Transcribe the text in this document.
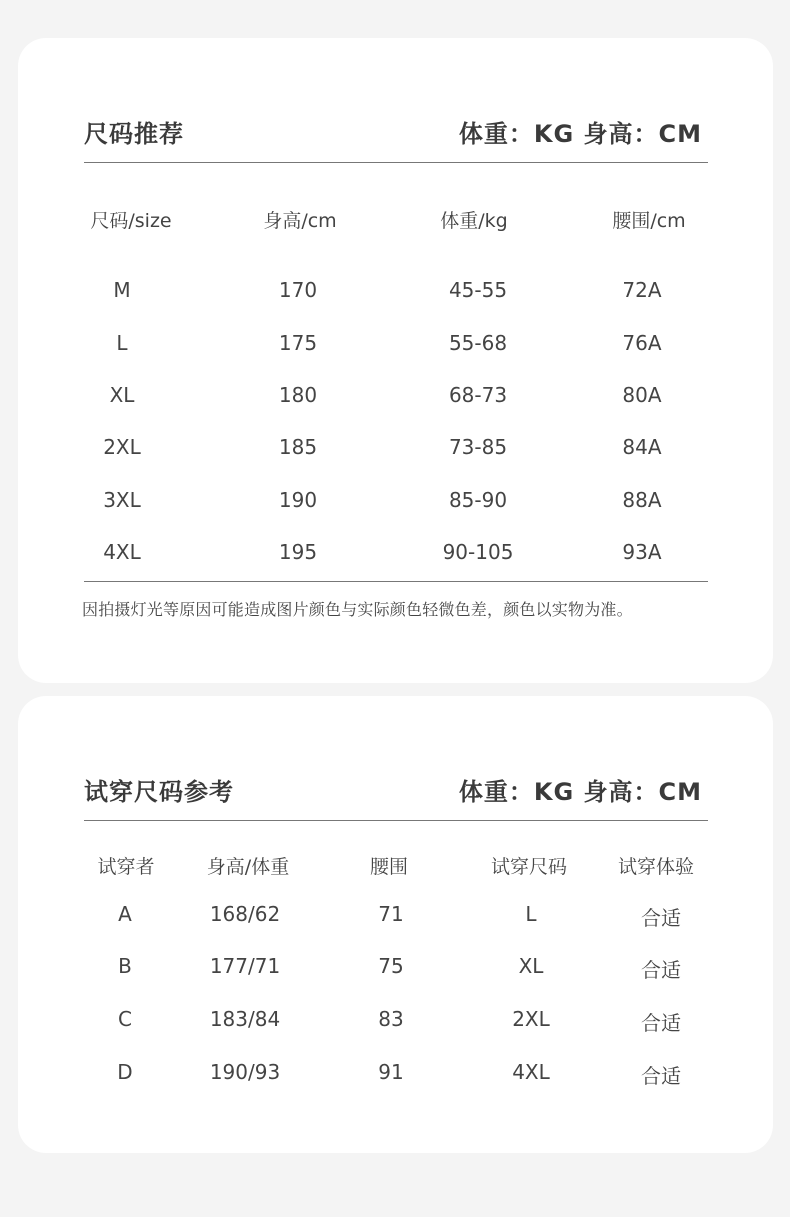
尺码推荐	体重：KG 身高：CM
尺码/size	身高/cm	体重/kg	腰围/cm
M	170	45-55	72A
L	175	55-68	76A
XL	180	68-73	80A
2XL	185	73-85	84A
3XL	190	85-90	88A
4XL	195	90-105	93A
因拍摄灯光等原因可能造成图片颜色与实际颜色轻微色差，颜色以实物为准。
试穿尺码参考	体重：KG 身高：CM
试穿者	身高/体重	腰围	试穿尺码	试穿体验
A	168/62	71	L	合适
B	177/71	75	XL	合适
C	183/84	83	2XL	合适
D	190/93	91	4XL	合适
